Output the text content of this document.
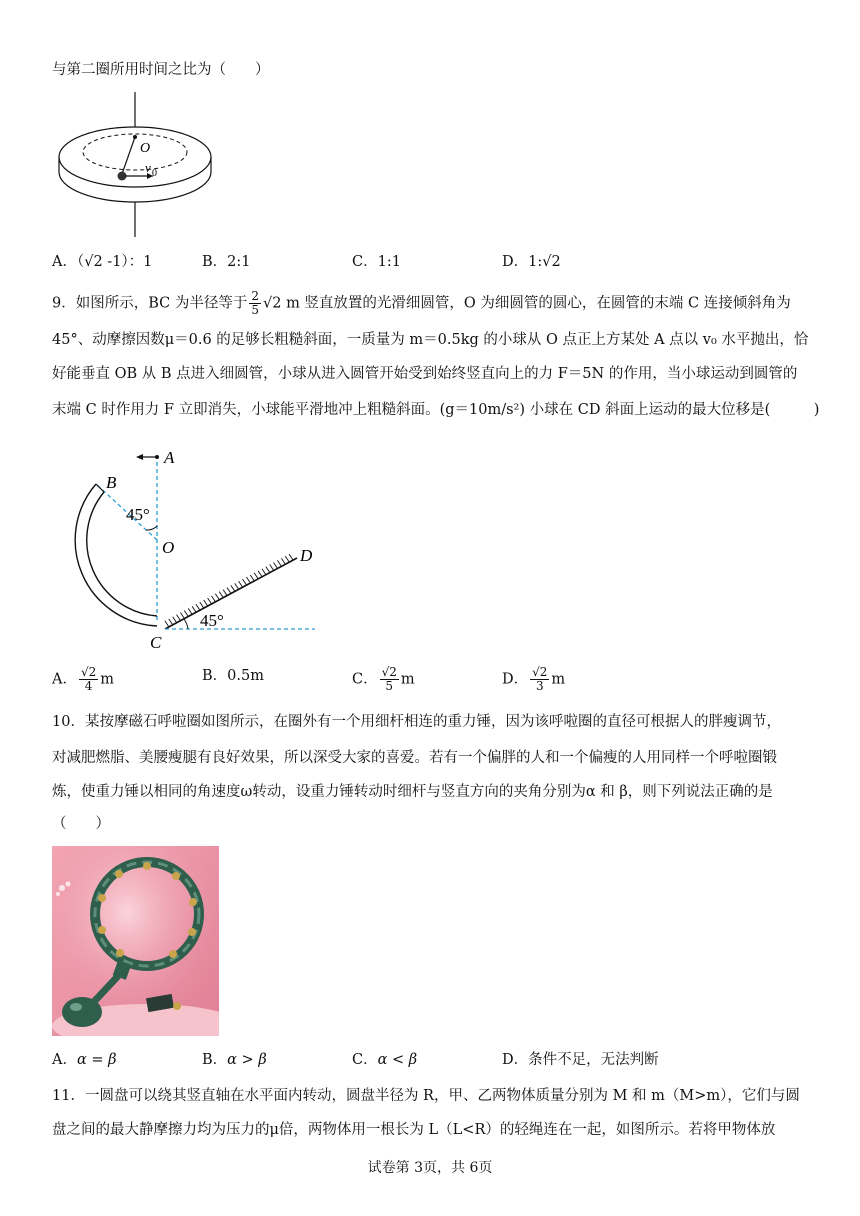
与第二圈所用时间之比为（　　）
O
v 0
A．（√2 -1）：1	B．2:1	C．1:1	D．1:√2
9．如图所示，BC 为半径等于 $\frac{2}{5} √2$ m 竖直放置的光滑细圆管，O 为细圆管的圆心，在圆管的末端 C 连接倾斜角为
45°、动摩擦因数μ＝0.6 的足够长粗糙斜面，一质量为 m＝0.5kg 的小球从 O 点正上方某处 A 点以 v₀ 水平抛出，恰
好能垂直 OB 从 B 点进入细圆管，小球从进入圆管开始受到始终竖直向上的力 F＝5N 的作用，当小球运动到圆管的
末端 C 时作用力 F 立即消失，小球能平滑地冲上粗糙斜面。(g＝10m/s²) 小球在 CD 斜面上运动的最大位移是(　　　)
A
B
45°
O
45°
C
D
A． $\frac{√2}{4}$ m	B．0.5m	C． $\frac{√2}{5}$ m	D． $\frac{√2}{3}$ m
10．某按摩磁石呼啦圈如图所示，在圈外有一个用细杆相连的重力锤，因为该呼啦圈的直径可根据人的胖瘦调节，
对减肥燃脂、美腰瘦腿有良好效果，所以深受大家的喜爱。若有一个偏胖的人和一个偏瘦的人用同样一个呼啦圈锻
炼，使重力锤以相同的角速度ω转动，设重力锤转动时细杆与竖直方向的夹角分别为α 和 β，则下列说法正确的是
（　　）
A．α = β	B．α > β	C．α < β	D．条件不足，无法判断
11．一圆盘可以绕其竖直轴在水平面内转动，圆盘半径为 R，甲、乙两物体质量分别为 M 和 m（M>m），它们与圆
盘之间的最大静摩擦力均为压力的μ倍，两物体用一根长为 L（L<R）的轻绳连在一起，如图所示。若将甲物体放
试卷第 3页，共 6页
